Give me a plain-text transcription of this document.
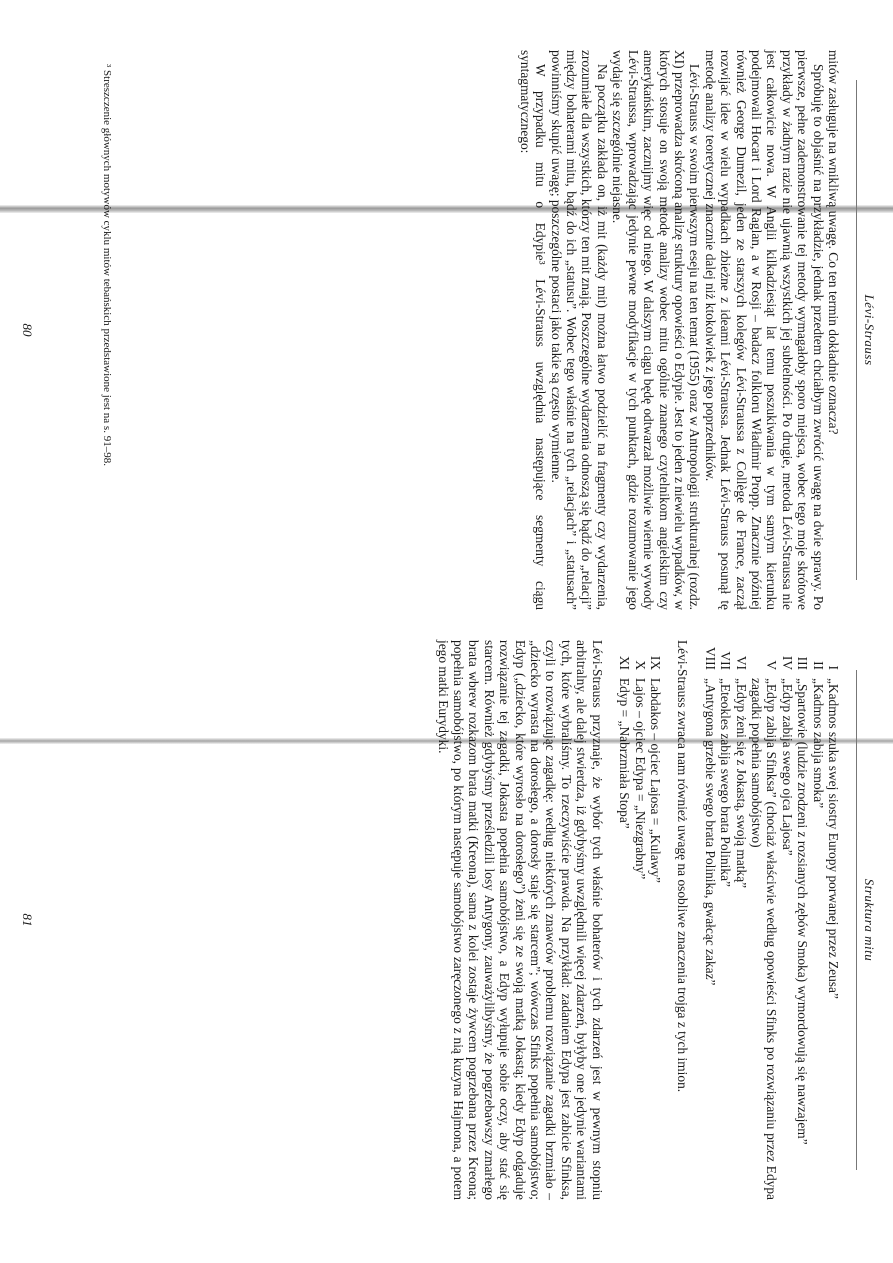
Lévi-Strauss

mitów zasługuje na wnikliwą uwagę. Co ten termin dokładnie oznacza?

Spróbuję to objaśnić na przykładzie, jednak przedtem chciałbym zwrócić uwagę na dwie sprawy. Po pierwsze, pełne zademonstrowanie tej metody wymagałoby sporo miejsca, wobec tego moje skrótowe przykłady w żadnym razie nie ujawnią wszystkich jej subtelności. Po drugie, metoda Lévi-Straussa nie jest całkowicie nowa. W Anglii kilkadziesiąt lat temu poszukiwania w tym samym kierunku podejmowali Hocart i Lord Raglan, a w Rosji – badacz folkloru Władimir Propp. Znacznie później również George Dumezil, jeden ze starszych kolegów Lévi-Straussa z Collège de France, zaczął rozwijać idee w wielu wypadkach zbieżne z ideami Lévi-Straussa. Jednak Lévi-Strauss posunął tę metodę analizy teoretycznej znacznie dalej niż ktokolwiek z jego poprzedników.

Lévi-Strauss w swoim pierwszym eseju na ten temat (1955) oraz w Antropologii strukturalnej (rozdz. XI) przeprowadza skróconą analizę struktury opowieści o Edypie. Jest to jeden z niewielu wypadków, w których stosuje on swoją metodę analizy wobec mitu ogólnie znanego czytelnikom angielskim czy amerykańskim, zacznijmy więc od niego. W dalszym ciągu będę odtwarzał możliwie wiernie wywody Lévi-Straussa, wprowadzając jedynie pewne modyfikacje w tych punktach, gdzie rozumowanie jego wydaje się szczególnie niejasne.

Na początku zakłada on, iż mit (każdy mit) można łatwo podzielić na fragmenty czy wydarzenia, zrozumiałe dla wszystkich, którzy ten mit znają. Poszczególne wydarzenia odnoszą się bądź do „relacji” między bohaterami mitu, bądź do ich „statusu”. Wobec tego właśnie na tych „relacjach” i „statusach” powinniśmy skupić uwagę; poszczególne postaci jako takie są często wymienne.

W przypadku mitu o Edypie³ Lévi-Strauss uwzględnia następujące segmenty ciągu syntagmatycznego:

³ Streszczenie głównych motywów cyklu mitów tebańskich przedstawione jest na s. 91–98.

80
Struktura mitu
I
„Kadmos szuka swej siostry Europy porwanej przez Zeusa”
II
„Kadmos zabija smoka”
III
„Spartowie (ludzie zrodzeni z rozsianych zębów Smoka) wymordowują się nawzajem”
IV
„Edyp zabija swego ojca Lajosa”
V
„Edyp zabija Sfinksa” (chociaż właściwie według opowieści Sfinks po rozwiązaniu przez Edypa zagadki popełnia samobójstwo)
VI
„Edyp żeni się z Jokastą, swoją matką”
VII
„Eteokles zabija swego brata Polinika”
VIII
„Antygona grzebie swego brata Polinika, gwałcąc zakaz”

Lévi-Strauss zwraca nam również uwagę na osobliwe znaczenia trojga z tych imion.

IX
Labdakos – ojciec Lajosa = „Kulawy”
X
Lajos – ojciec Edypa = „Niezgrabny”
XI
Edyp = „Nabrzmiała Stopa”

Lévi-Strauss przyznaje, że wybór tych właśnie bohaterów i tych zdarzeń jest w pewnym stopniu arbitralny, ale dalej stwierdza, iż gdybyśmy uwzględnili więcej zdarzeń, byłyby one jedynie wariantami tych, które wybraliśmy. To rzeczywiście prawda. Na przykład: zadaniem Edypa jest zabicie Sfinksa, czyli to rozwiązując zagadkę: według niektórych znawców problemu rozwiązanie zagadki brzmiało – „dziecko wyrasta na dorosłego, a dorosły staje się starcem”; wówczas Sfinks popełnia samobójstwo; Edyp („dziecko, które wyrosło na dorosłego”) żeni się ze swoją matką Jokastą; kiedy Edyp odgaduje rozwiązanie tej zagadki, Jokasta popełnia samobójstwo, a Edyp wyłupuje sobie oczy, aby stać się starcem. Również gdybyśmy prześledzili losy Antygony, zauważylibyśmy, że pogrzebawszy zmarłego brata wbrew rozkazom brata matki (Kreona), sama z kolei zostaje żywcem pogrzebana przez Kreona; popełnia samobójstwo, po którym następuje samobójstwo zaręczonego z nią kuzyna Hajmona, a potem jego matki Eurydyki.

81
